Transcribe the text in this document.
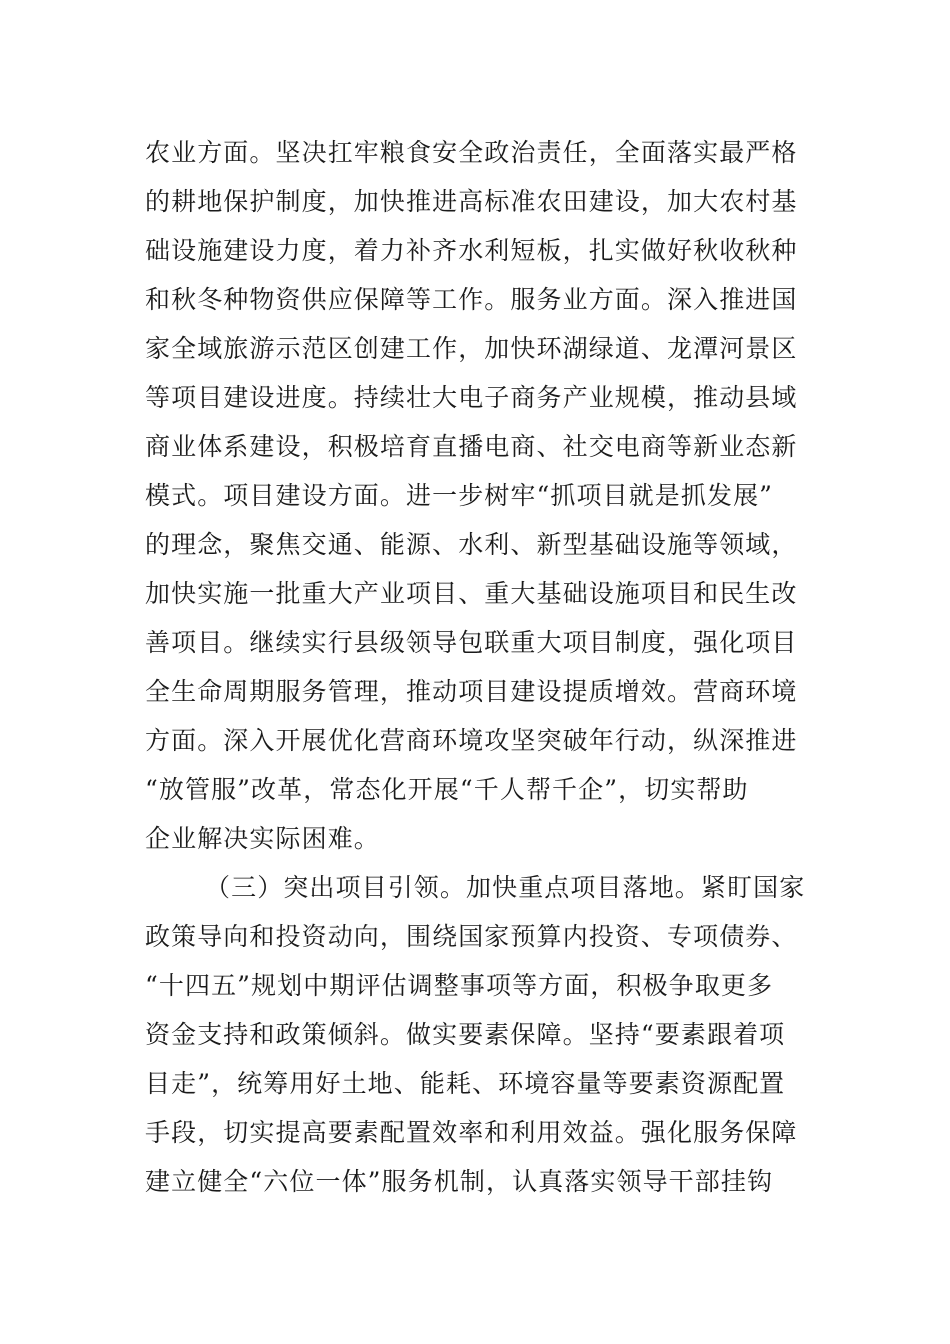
农业方面。坚决扛牢粮食安全政治责任，全面落实最严格
的耕地保护制度，加快推进高标准农田建设，加大农村基
础设施建设力度，着力补齐水利短板，扎实做好秋收秋种
和秋冬种物资供应保障等工作。服务业方面。深入推进国
家全域旅游示范区创建工作，加快环湖绿道、龙潭河景区
等项目建设进度。持续壮大电子商务产业规模，推动县域
商业体系建设，积极培育直播电商、社交电商等新业态新
模式。项目建设方面。进一步树牢“抓项目就是抓发展”
的理念，聚焦交通、能源、水利、新型基础设施等领域，
加快实施一批重大产业项目、重大基础设施项目和民生改
善项目。继续实行县级领导包联重大项目制度，强化项目
全生命周期服务管理，推动项目建设提质增效。营商环境
方面。深入开展优化营商环境攻坚突破年行动，纵深推进
“放管服”改革，常态化开展“千人帮千企”，切实帮助
企业解决实际困难。
（三）突出项目引领。加快重点项目落地。紧盯国家
政策导向和投资动向，围绕国家预算内投资、专项债券、
“十四五”规划中期评估调整事项等方面，积极争取更多
资金支持和政策倾斜。做实要素保障。坚持“要素跟着项
目走”，统筹用好土地、能耗、环境容量等要素资源配置
手段，切实提高要素配置效率和利用效益。强化服务保障
建立健全“六位一体”服务机制，认真落实领导干部挂钩
